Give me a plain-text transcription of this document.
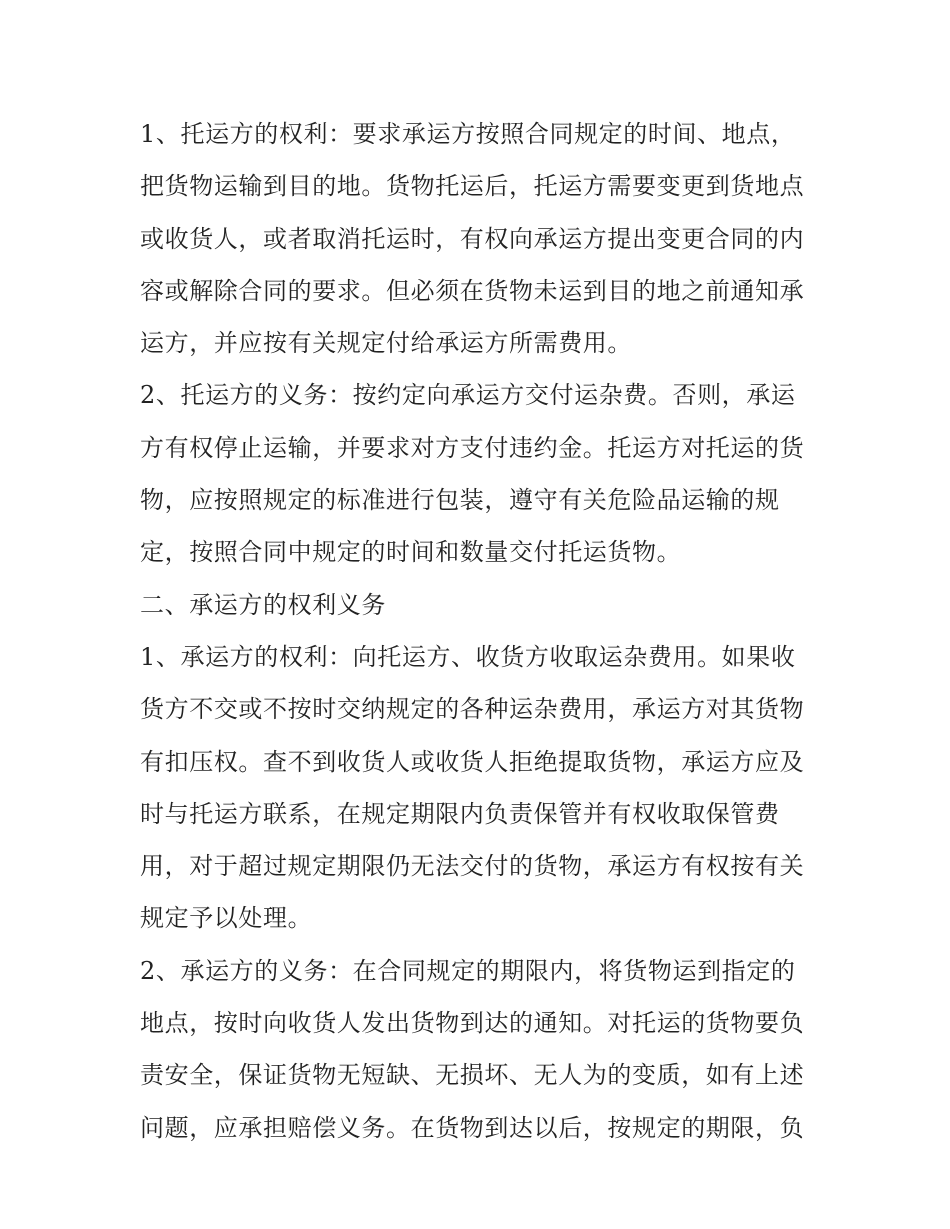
1、托运方的权利：要求承运方按照合同规定的时间、地点，
把货物运输到目的地。货物托运后，托运方需要变更到货地点
或收货人，或者取消托运时，有权向承运方提出变更合同的内
容或解除合同的要求。但必须在货物未运到目的地之前通知承
运方，并应按有关规定付给承运方所需费用。
2、托运方的义务：按约定向承运方交付运杂费。否则，承运
方有权停止运输，并要求对方支付违约金。托运方对托运的货
物，应按照规定的标准进行包装，遵守有关危险品运输的规
定，按照合同中规定的时间和数量交付托运货物。
二、承运方的权利义务
1、承运方的权利：向托运方、收货方收取运杂费用。如果收
货方不交或不按时交纳规定的各种运杂费用，承运方对其货物
有扣压权。查不到收货人或收货人拒绝提取货物，承运方应及
时与托运方联系，在规定期限内负责保管并有权收取保管费
用，对于超过规定期限仍无法交付的货物，承运方有权按有关
规定予以处理。
2、承运方的义务：在合同规定的期限内，将货物运到指定的
地点，按时向收货人发出货物到达的通知。对托运的货物要负
责安全，保证货物无短缺、无损坏、无人为的变质，如有上述
问题，应承担赔偿义务。在货物到达以后，按规定的期限，负
